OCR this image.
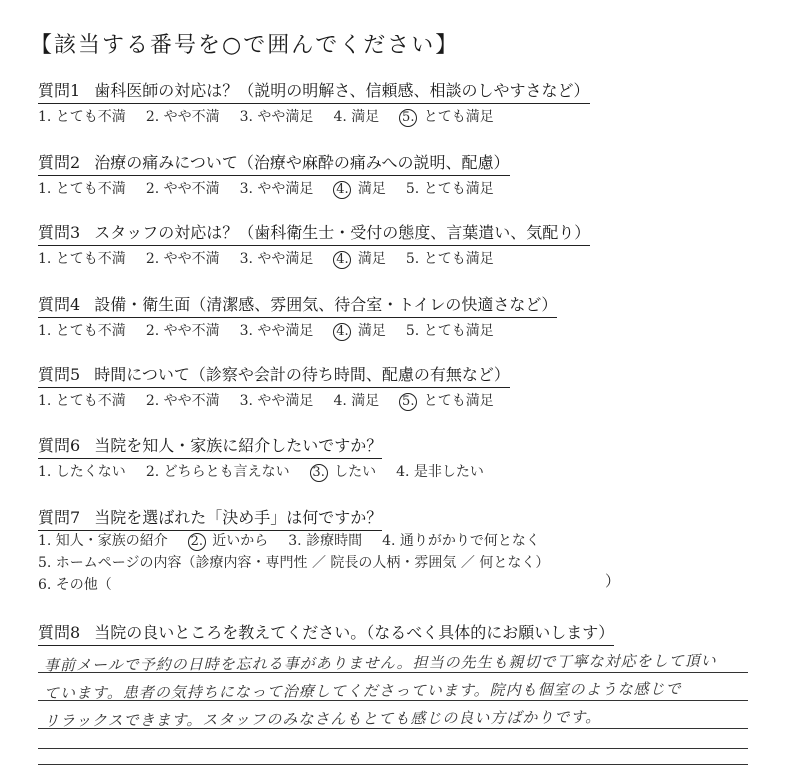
【該当する番号を○で囲んでください】
質問1 歯科医師の対応は？（説明の明解さ、信頼感、相談のしやすさなど）
1. とても不満 2. やや不満 3. やや満足 4. 満足 5. とても満足
質問2 治療の痛みについて（治療や麻酔の痛みへの説明、配慮）
1. とても不満 2. やや不満 3. やや満足 4. 満足 5. とても満足
質問3 スタッフの対応は？（歯科衛生士・受付の態度、言葉遣い、気配り）
1. とても不満 2. やや不満 3. やや満足 4. 満足 5. とても満足
質問4 設備・衛生面（清潔感、雰囲気、待合室・トイレの快適さなど）
1. とても不満 2. やや不満 3. やや満足 4. 満足 5. とても満足
質問5 時間について（診察や会計の待ち時間、配慮の有無など）
1. とても不満 2. やや不満 3. やや満足 4. 満足 5. とても満足
質問6 当院を知人・家族に紹介したいですか？
1. したくない 2. どちらとも言えない 3. したい 4. 是非したい
質問7 当院を選ばれた「決め手」は何ですか？
1. 知人・家族の紹介 2. 近いから 3. 診療時間 4. 通りがかりで何となく
5. ホームページの内容（診療内容・専門性 ／ 院長の人柄・雰囲気 ／ 何となく）
6. その他（	）
質問8 当院の良いところを教えてください。（なるべく具体的にお願いします）
事前メールで予約の日時を忘れる事がありません。担当の先生も親切で丁寧な対応をして頂い
ています。患者の気持ちになって治療してくださっています。院内も個室のような感じで
リラックスできます。スタッフのみなさんもとても感じの良い方ばかりです。
